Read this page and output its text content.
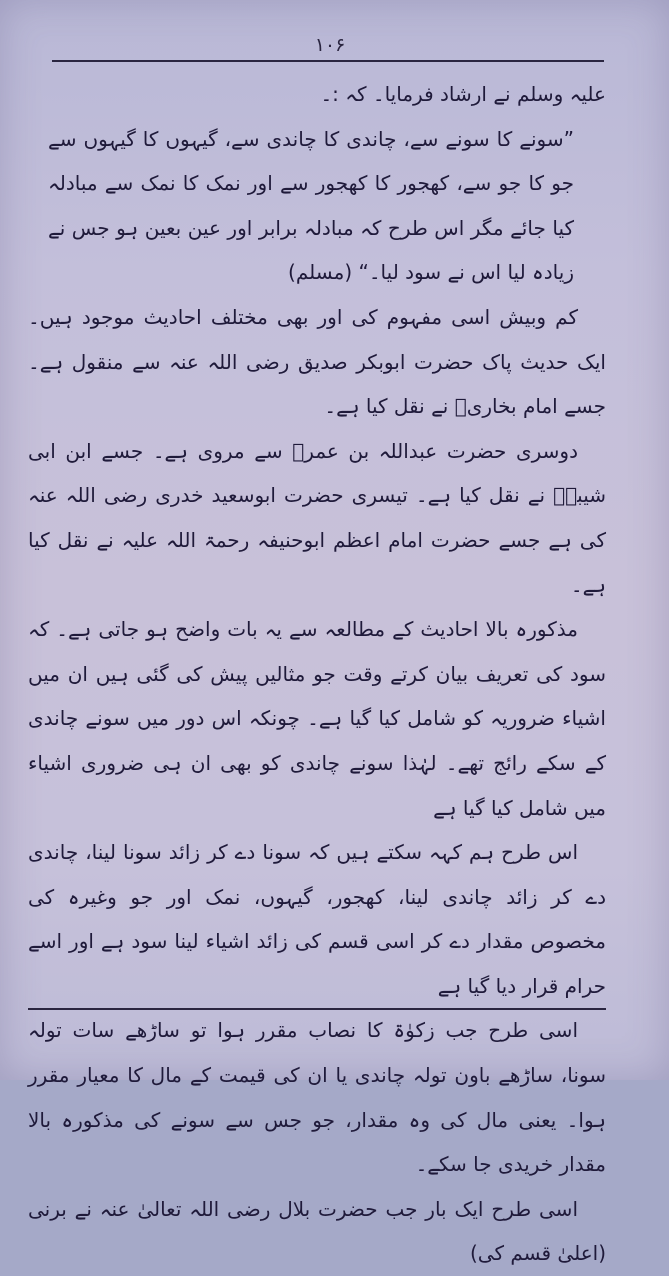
۱۰۶

علیہ وسلم نے ارشاد فرمایا۔ کہ :۔

”سونے کا سونے سے، چاندی کا چاندی سے، گیہوں کا گیہوں سے جو کا جو سے، کھجور کا کھجور سے اور نمک کا نمک سے مبادلہ کیا جائے مگر اس طرح کہ مبادلہ برابر اور عین بعین ہو جس نے زیادہ لیا اس نے سود لیا۔“ (مسلم)

کم وبیش اسی مفہوم کی اور بھی مختلف احادیث موجود ہیں۔ ایک حدیث پاک حضرت ابوبکر صدیق رضی اللہ عنہ سے منقول ہے۔ جسے امام بخاریؒ نے نقل کیا ہے۔

دوسری حضرت عبداللہ بن عمرؓ سے مروی ہے۔ جسے ابن ابی شیبہؒ نے نقل کیا ہے۔ تیسری حضرت ابوسعید خدری رضی اللہ عنہ کی ہے جسے حضرت امام اعظم ابوحنیفہ رحمۃ اللہ علیہ نے نقل کیا ہے۔

مذکورہ بالا احادیث کے مطالعہ سے یہ بات واضح ہو جاتی ہے۔ کہ سود کی تعریف بیان کرتے وقت جو مثالیں پیش کی گئی ہیں ان میں اشیاء ضروریہ کو شامل کیا گیا ہے۔ چونکہ اس دور میں سونے چاندی کے سکے رائج تھے۔ لہٰذا سونے چاندی کو بھی ان ہی ضروری اشیاء میں شامل کیا گیا ہے

اس طرح ہم کہہ سکتے ہیں کہ سونا دے کر زائد سونا لینا، چاندی دے کر زائد چاندی لینا، کھجور، گیہوں، نمک اور جو وغیرہ کی مخصوص مقدار دے کر اسی قسم کی زائد اشیاء لینا سود ہے اور اسے حرام قرار دیا گیا ہے

اسی طرح جب زکوٰۃ کا نصاب مقرر ہوا تو ساڑھے سات تولہ سونا، ساڑھے باون تولہ چاندی یا ان کی قیمت کے مال کا معیار مقرر ہوا۔ یعنی مال کی وہ مقدار، جو جس سے سونے کی مذکورہ بالا مقدار خریدی جا سکے۔

اسی طرح ایک بار جب حضرت بلال رضی اللہ تعالیٰ عنہ نے برنی (اعلیٰ قسم کی)
